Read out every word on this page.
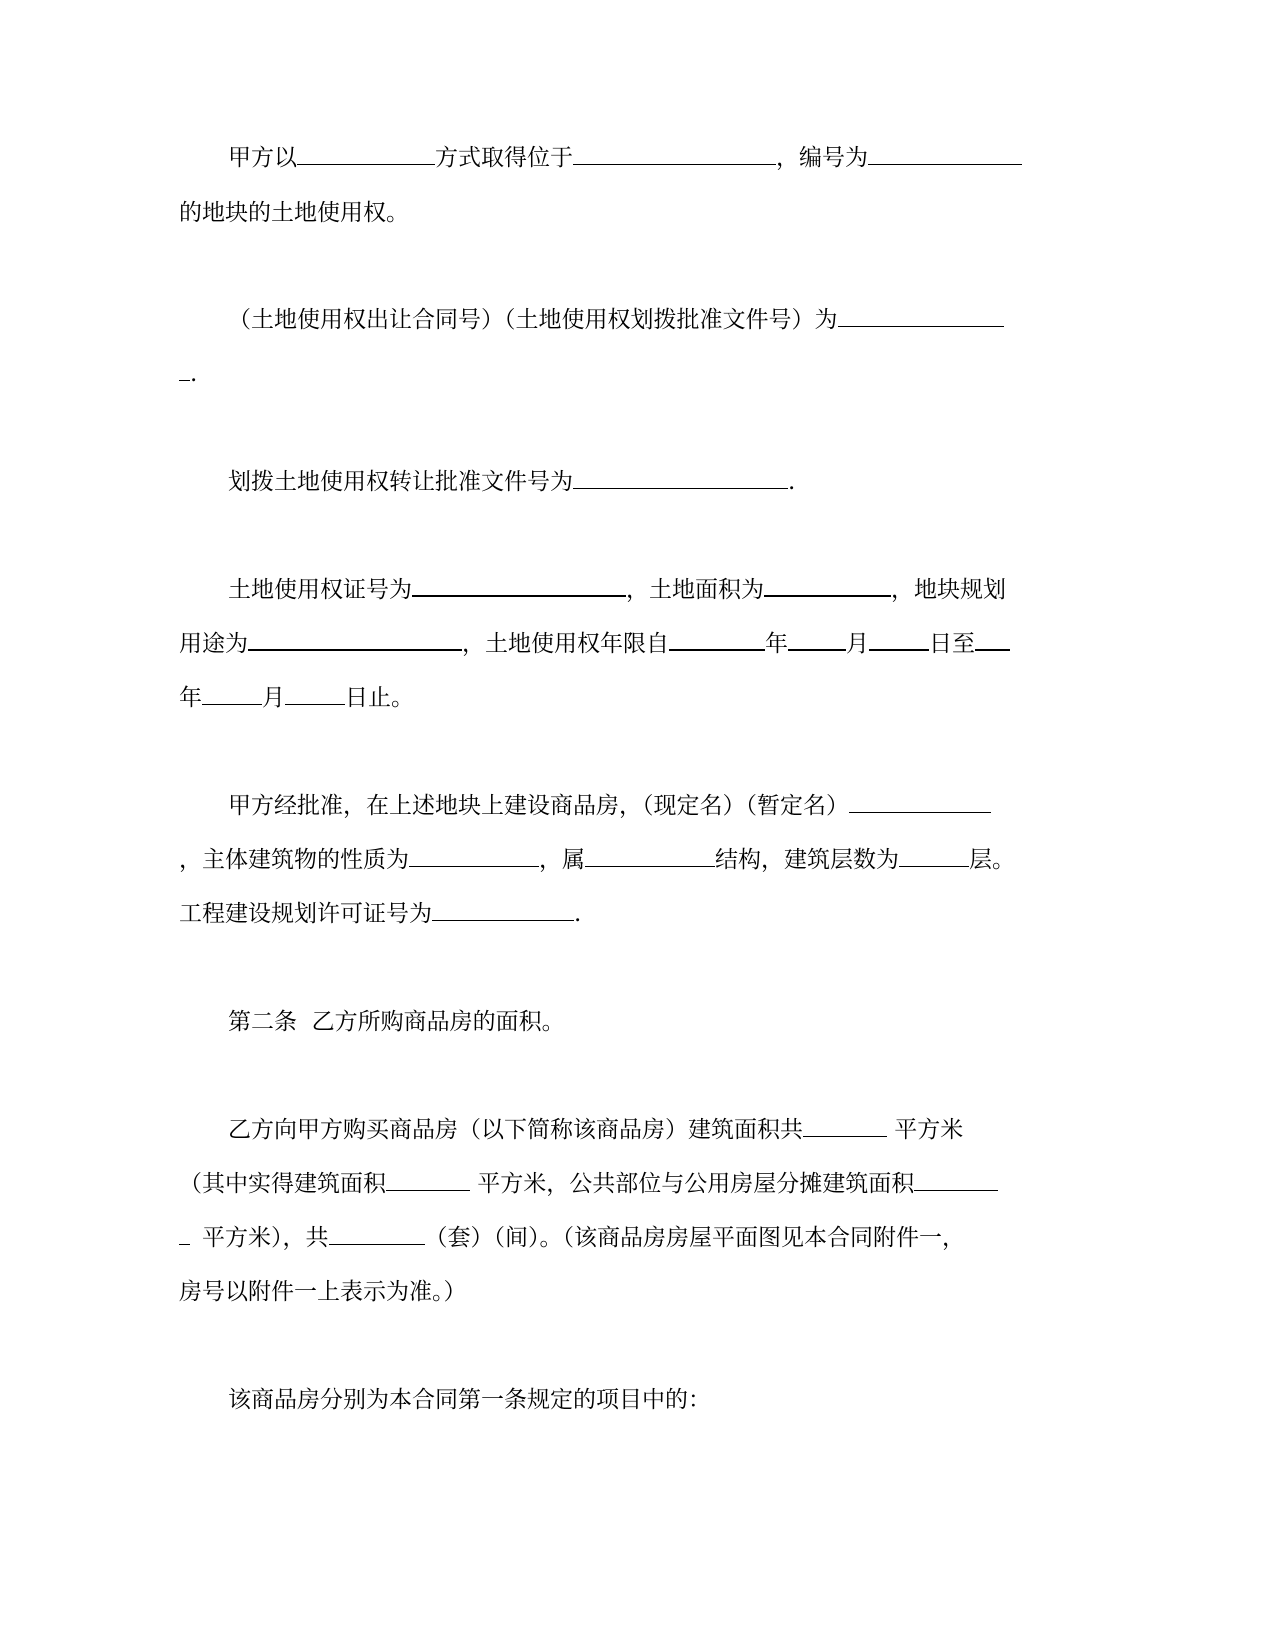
甲方以	方式取得位于	，编号为
的地块的土地使用权。
（土地使用权出让合同号）（土地使用权划拨批准文件号）为
.
划拨土地使用权转让批准文件号为	.
土地使用权证号为	，土地面积为	，地块规划
用途为	，土地使用权年限自	年	月	日至
年	月	日止。
甲方经批准，在上述地块上建设商品房，（现定名）（暂定名）
，主体建筑物的性质为	，属	结构，建筑层数为	层。
工程建设规划许可证号为	.
第二条  乙方所购商品房的面积。
乙方向甲方购买商品房（以下简称该商品房）建筑面积共	平方米
（其中实得建筑面积	平方米，公共部位与公用房屋分摊建筑面积
平方米），共	（套）（间）。（该商品房房屋平面图见本合同附件一，
房号以附件一上表示为准。）
该商品房分别为本合同第一条规定的项目中的：
